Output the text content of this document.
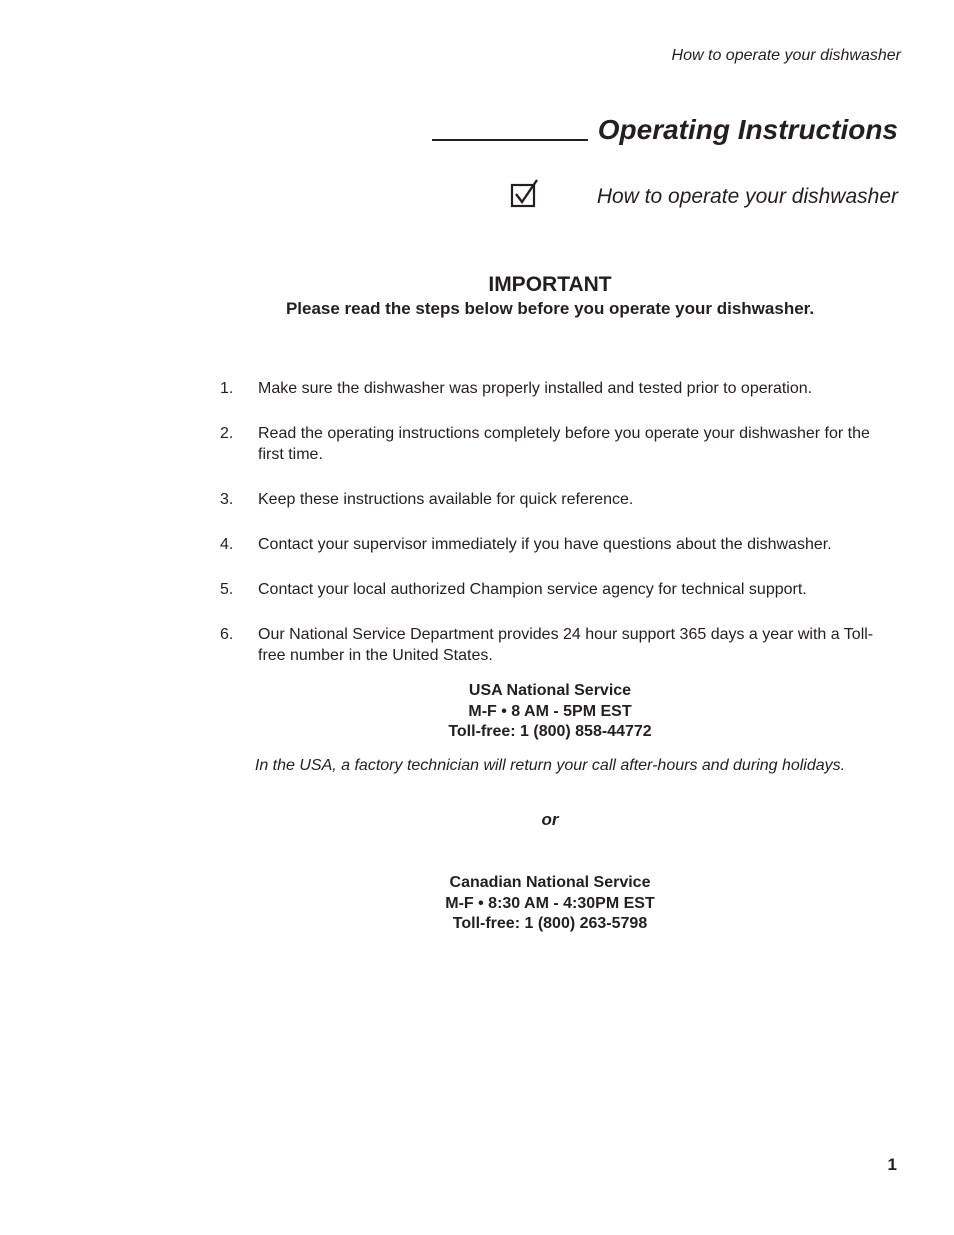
How to operate your dishwasher
Operating Instructions
How to operate your dishwasher
IMPORTANT
Please read the steps below before you operate your dishwasher.
1. Make sure the dishwasher was properly installed and tested prior to operation.
2. Read the operating instructions completely before you operate your dishwasher for the first time.
3. Keep these instructions available for quick reference.
4. Contact your supervisor immediately if you have questions about the dishwasher.
5. Contact your local authorized Champion service agency for technical support.
6. Our National Service Department provides 24 hour support 365 days a year with a Toll-free number in the United States.
USA National Service
M-F • 8 AM - 5PM EST
Toll-free: 1 (800) 858-44772
In the USA, a factory technician will return your call after-hours and during holidays.
or
Canadian National Service
M-F • 8:30 AM - 4:30PM EST
Toll-free: 1 (800) 263-5798
1
